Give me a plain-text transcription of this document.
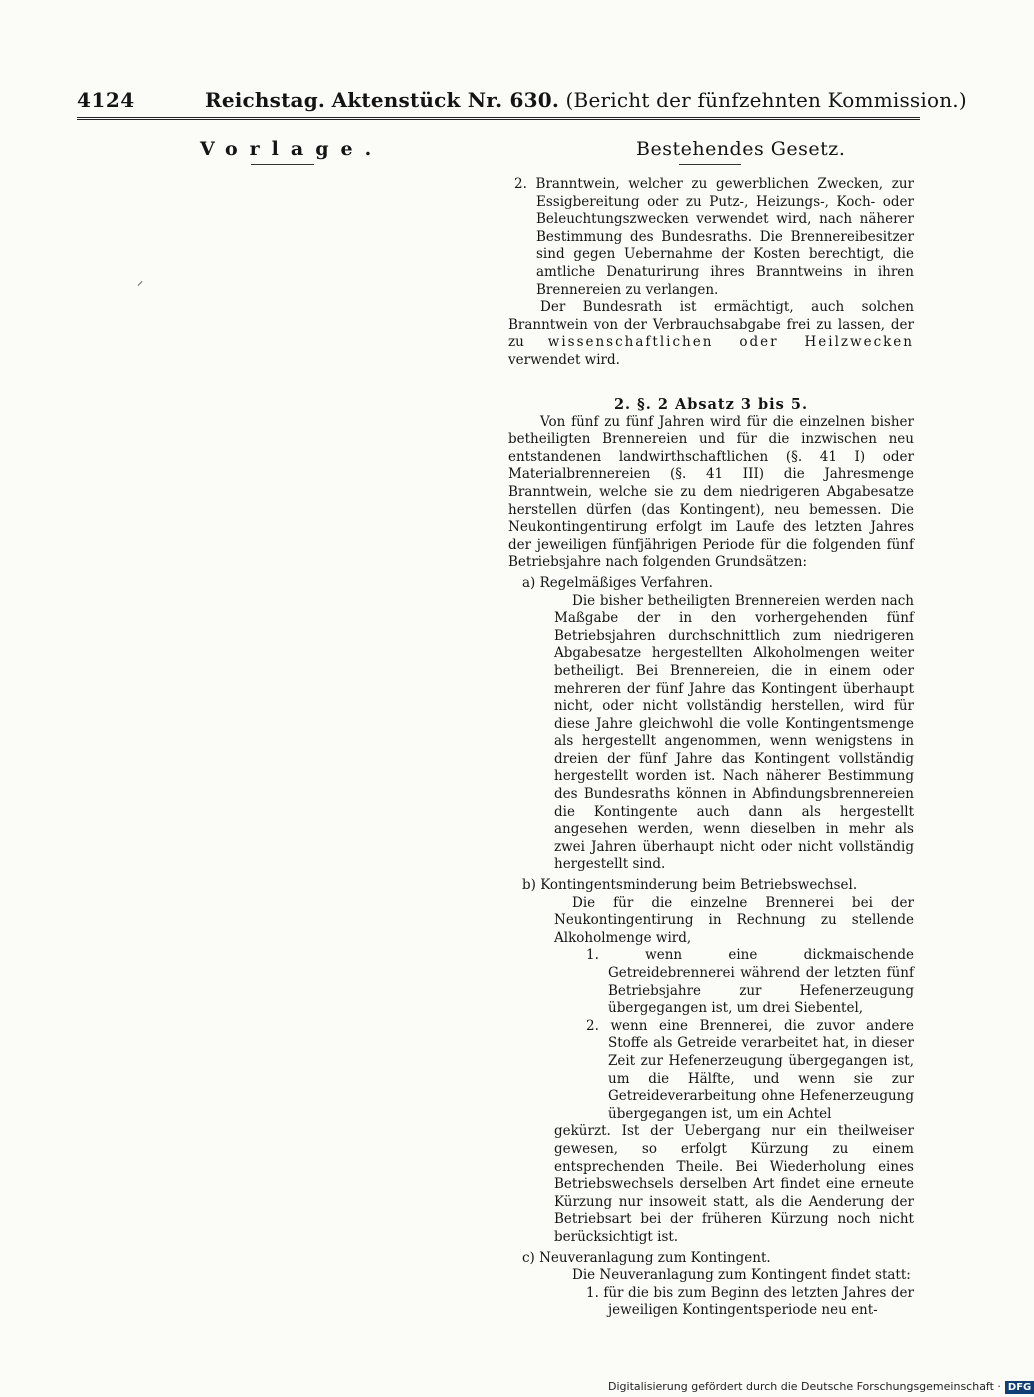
4124	Reichstag. Aktenstück Nr. 630. (Bericht der fünfzehnten Kommission.)
Vorlage.	Bestehendes Gesetz.

2. Branntwein, welcher zu gewerblichen Zwecken, zur Essigbereitung oder zu Putz-, Heizungs-, Koch- oder Beleuchtungszwecken verwendet wird, nach näherer Bestimmung des Bundesraths. Die Brennereibesitzer sind gegen Uebernahme der Kosten berechtigt, die amtliche Denaturirung ihres Branntweins in ihren Brennereien zu verlangen.

Der Bundesrath ist ermächtigt, auch solchen Branntwein von der Verbrauchsabgabe frei zu lassen, der zu wissenschaftlichen oder Heilzwecken verwendet wird.

2. §. 2 Absatz 3 bis 5.

Von fünf zu fünf Jahren wird für die einzelnen bisher betheiligten Brennereien und für die inzwischen neu entstandenen landwirthschaftlichen (§. 41 I) oder Materialbrennereien (§. 41 III) die Jahresmenge Branntwein, welche sie zu dem niedrigeren Abgabesatze herstellen dürfen (das Kontingent), neu bemessen. Die Neukontingentirung erfolgt im Laufe des letzten Jahres der jeweiligen fünfjährigen Periode für die folgenden fünf Betriebsjahre nach folgenden Grundsätzen:

a) Regelmäßiges Verfahren.

Die bisher betheiligten Brennereien werden nach Maßgabe der in den vorhergehenden fünf Betriebsjahren durchschnittlich zum niedrigeren Abgabesatze hergestellten Alkoholmengen weiter betheiligt. Bei Brennereien, die in einem oder mehreren der fünf Jahre das Kontingent überhaupt nicht, oder nicht vollständig herstellen, wird für diese Jahre gleichwohl die volle Kontingentsmenge als hergestellt angenommen, wenn wenigstens in dreien der fünf Jahre das Kontingent vollständig hergestellt worden ist. Nach näherer Bestimmung des Bundesraths können in Abfindungsbrennereien die Kontingente auch dann als hergestellt angesehen werden, wenn dieselben in mehr als zwei Jahren überhaupt nicht oder nicht vollständig hergestellt sind.

b) Kontingentsminderung beim Betriebswechsel.

Die für die einzelne Brennerei bei der Neukontingentirung in Rechnung zu stellende Alkoholmenge wird,

1. wenn eine dickmaischende Getreidebrennerei während der letzten fünf Betriebsjahre zur Hefenerzeugung übergegangen ist, um drei Siebentel,

2. wenn eine Brennerei, die zuvor andere Stoffe als Getreide verarbeitet hat, in dieser Zeit zur Hefenerzeugung übergegangen ist, um die Hälfte, und wenn sie zur Getreideverarbeitung ohne Hefenerzeugung übergegangen ist, um ein Achtel

gekürzt. Ist der Uebergang nur ein theilweiser gewesen, so erfolgt Kürzung zu einem entsprechenden Theile. Bei Wiederholung eines Betriebswechsels derselben Art findet eine erneute Kürzung nur insoweit statt, als die Aenderung der Betriebsart bei der früheren Kürzung noch nicht berücksichtigt ist.

c) Neuveranlagung zum Kontingent.

Die Neuveranlagung zum Kontingent findet statt:

1. für die bis zum Beginn des letzten Jahres der jeweiligen Kontingentsperiode neu ent-

Digitalisierung gefördert durch die Deutsche Forschungsgemeinschaft · DFG
